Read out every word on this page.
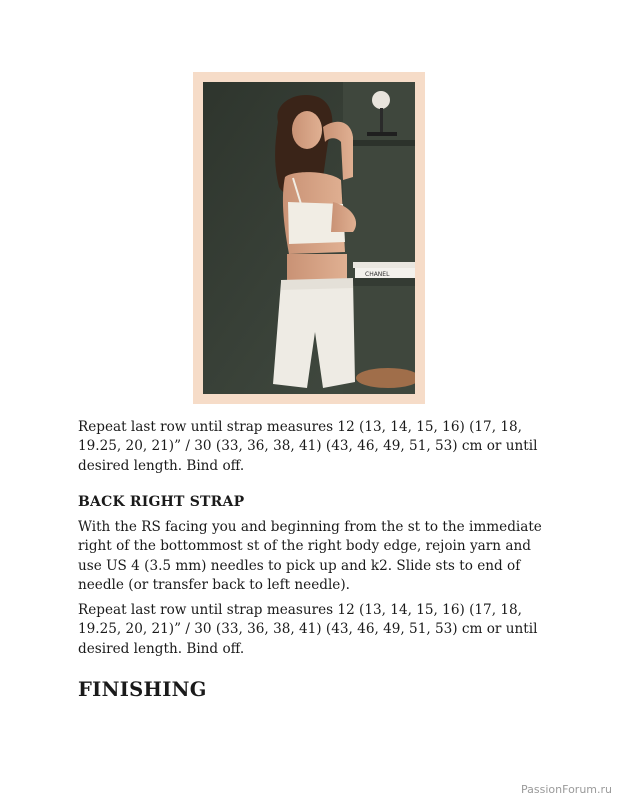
CHANEL

Repeat last row until strap measures 12 (13, 14, 15, 16) (17, 18, 19.25, 20, 21)” / 30 (33, 36, 38, 41) (43, 46, 49, 51, 53) cm or until desired length. Bind off.

BACK RIGHT STRAP

With the RS facing you and beginning from the st to the immediate right of the bottommost st of the right body edge, rejoin yarn and use US 4 (3.5 mm) needles to pick up and k2. Slide sts to end of needle (or transfer back to left needle).

Repeat last row until strap measures 12 (13, 14, 15, 16) (17, 18, 19.25, 20, 21)” / 30 (33, 36, 38, 41) (43, 46, 49, 51, 53) cm or until desired length. Bind off.

FINISHING
PassionForum.ru
